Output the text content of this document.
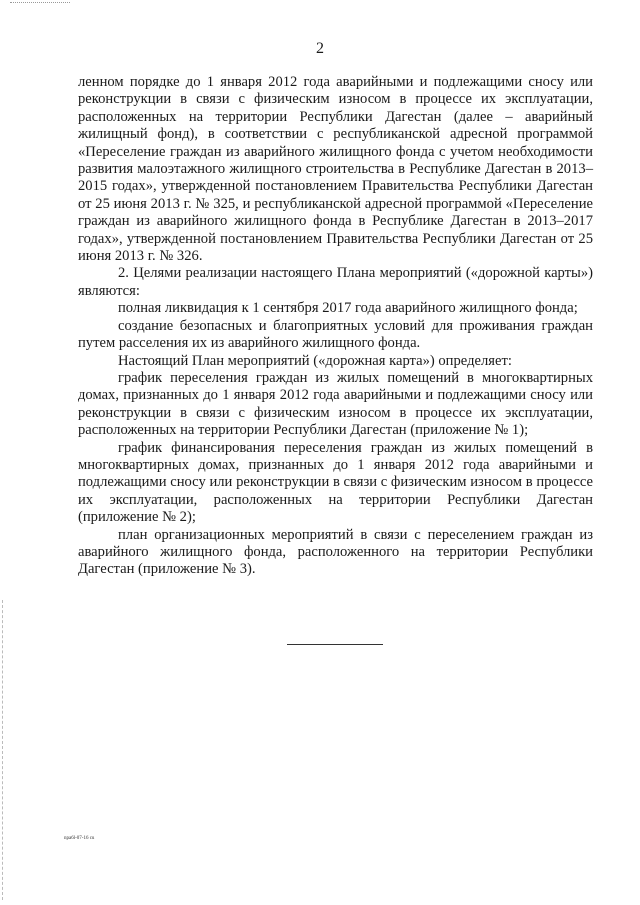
2

ленном порядке до 1 января 2012 года аварийными и подлежащими сносу или реконструкции в связи с физическим износом в процессе их эксплуатации, расположенных на территории Республики Дагестан (далее – аварийный жилищный фонд), в соответствии с республиканской адресной программой «Переселение граждан из аварийного жилищного фонда с учетом необходимости развития малоэтажного жилищного строительства в Республике Дагестан в 2013–2015 годах», утвержденной постановлением Правительства Республики Дагестан от 25 июня 2013 г. № 325, и республиканской адресной программой «Переселение граждан из аварийного жилищного фонда в Республике Дагестан в 2013–2017 годах», утвержденной постановлением Правительства Республики Дагестан от 25 июня 2013 г. № 326.

2. Целями реализации настоящего Плана мероприятий («дорожной карты») являются:

полная ликвидация к 1 сентября 2017 года аварийного жилищного фонда;

создание безопасных и благоприятных условий для проживания граждан путем расселения их из аварийного жилищного фонда.

Настоящий План мероприятий («дорожная карта») определяет:

график переселения граждан из жилых помещений в многоквартирных домах, признанных до 1 января 2012 года аварийными и подлежащими сносу или реконструкции в связи с физическим износом в процессе их эксплуатации, расположенных на территории Республики Дагестан (приложение № 1);

график финансирования переселения граждан из жилых помещений в многоквартирных домах, признанных до 1 января 2012 года аварийными и подлежащими сносу или реконструкции в связи с физическим износом в процессе их эксплуатации, расположенных на территории Республики Дагестан (приложение № 2);

план организационных мероприятий в связи с переселением граждан из аварийного жилищного фонда, расположенного на территории Республики Дагестан (приложение № 3).

npa6l-07-16 cu
